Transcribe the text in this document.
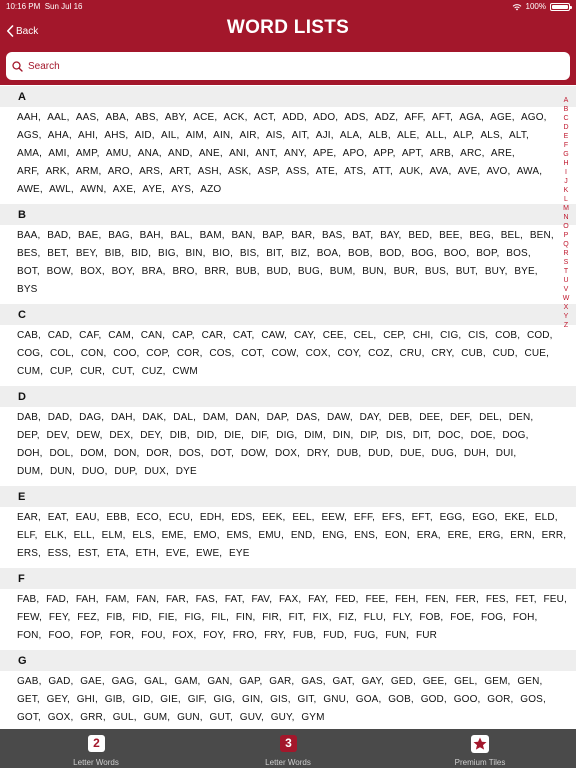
10:16 PM Sun Jul 16	100%
Back	WORD LISTS
Search
A
AAH,  AAL,  AAS,  ABA,  ABS,  ABY,  ACE,  ACK,  ACT,  ADD,  ADO,  ADS,  ADZ,  AFF,  AFT,  AGA,  AGE,  AGO,
AGS,  AHA,  AHI,  AHS,  AID,  AIL,  AIM,  AIN,  AIR,  AIS,  AIT,  AJI,  ALA,  ALB,  ALE,  ALL,  ALP,  ALS,  ALT,
AMA,  AMI,  AMP,  AMU,  ANA,  AND,  ANE,  ANI,  ANT,  ANY,  APE,  APO,  APP,  APT,  ARB,  ARC,  ARE,
ARF,  ARK,  ARM,  ARO,  ARS,  ART,  ASH,  ASK,  ASP,  ASS,  ATE,  ATS,  ATT,  AUK,  AVA,  AVE,  AVO,  AWA,
AWE,  AWL,  AWN,  AXE,  AYE,  AYS,  AZO
B
BAA,  BAD,  BAE,  BAG,  BAH,  BAL,  BAM,  BAN,  BAP,  BAR,  BAS,  BAT,  BAY,  BED,  BEE,  BEG,  BEL,  BEN,
BES,  BET,  BEY,  BIB,  BID,  BIG,  BIN,  BIO,  BIS,  BIT,  BIZ,  BOA,  BOB,  BOD,  BOG,  BOO,  BOP,  BOS,
BOT,  BOW,  BOX,  BOY,  BRA,  BRO,  BRR,  BUB,  BUD,  BUG,  BUM,  BUN,  BUR,  BUS,  BUT,  BUY,  BYE,
BYS
C
CAB,  CAD,  CAF,  CAM,  CAN,  CAP,  CAR,  CAT,  CAW,  CAY,  CEE,  CEL,  CEP,  CHI,  CIG,  CIS,  COB,  COD,
COG,  COL,  CON,  COO,  COP,  COR,  COS,  COT,  COW,  COX,  COY,  COZ,  CRU,  CRY,  CUB,  CUD,  CUE,
CUM,  CUP,  CUR,  CUT,  CUZ,  CWM
D
DAB,  DAD,  DAG,  DAH,  DAK,  DAL,  DAM,  DAN,  DAP,  DAS,  DAW,  DAY,  DEB,  DEE,  DEF,  DEL,  DEN,
DEP,  DEV,  DEW,  DEX,  DEY,  DIB,  DID,  DIE,  DIF,  DIG,  DIM,  DIN,  DIP,  DIS,  DIT,  DOC,  DOE,  DOG,
DOH,  DOL,  DOM,  DON,  DOR,  DOS,  DOT,  DOW,  DOX,  DRY,  DUB,  DUD,  DUE,  DUG,  DUH,  DUI,
DUM,  DUN,  DUO,  DUP,  DUX,  DYE
E
EAR,  EAT,  EAU,  EBB,  ECO,  ECU,  EDH,  EDS,  EEK,  EEL,  EEW,  EFF,  EFS,  EFT,  EGG,  EGO,  EKE,  ELD,
ELF,  ELK,  ELL,  ELM,  ELS,  EME,  EMO,  EMS,  EMU,  END,  ENG,  ENS,  EON,  ERA,  ERE,  ERG,  ERN,  ERR,
ERS,  ESS,  EST,  ETA,  ETH,  EVE,  EWE,  EYE
F
FAB,  FAD,  FAH,  FAM,  FAN,  FAR,  FAS,  FAT,  FAV,  FAX,  FAY,  FED,  FEE,  FEH,  FEN,  FER,  FES,  FET,  FEU,
FEW,  FEY,  FEZ,  FIB,  FID,  FIE,  FIG,  FIL,  FIN,  FIR,  FIT,  FIX,  FIZ,  FLU,  FLY,  FOB,  FOE,  FOG,  FOH,
FON,  FOO,  FOP,  FOR,  FOU,  FOX,  FOY,  FRO,  FRY,  FUB,  FUD,  FUG,  FUN,  FUR
G
GAB,  GAD,  GAE,  GAG,  GAL,  GAM,  GAN,  GAP,  GAR,  GAS,  GAT,  GAY,  GED,  GEE,  GEL,  GEM,  GEN,
GET,  GEY,  GHI,  GIB,  GID,  GIE,  GIF,  GIG,  GIN,  GIS,  GIT,  GNU,  GOA,  GOB,  GOD,  GOO,  GOR,  GOS,
GOT,  GOX,  GRR,  GUL,  GUM,  GUN,  GUT,  GUV,  GUY,  GYM
A
B
C
D
E
F
G
H
I
J
K
L
M
N
O
P
Q
R
S
T
U
V
W
X
Y
Z
2
Letter Words
3
Letter Words	Premium Tiles
